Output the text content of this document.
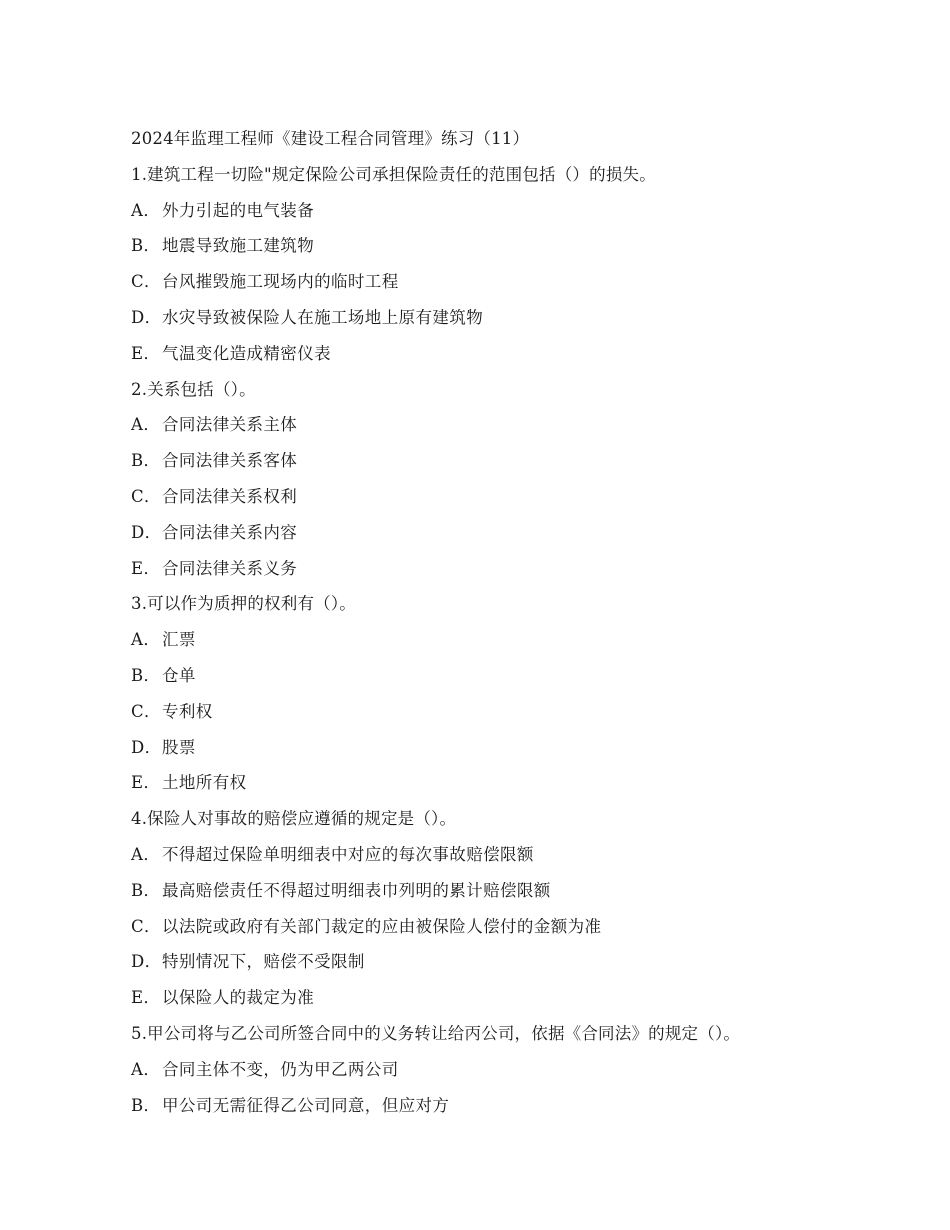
2024年监理工程师《建设工程合同管理》练习（11）
1.建筑工程一切险"规定保险公司承担保险责任的范围包括（）的损失。
A． 外力引起的电气装备
B．地震导致施工建筑物
C．台风摧毁施工现场内的临时工程
D．水灾导致被保险人在施工场地上原有建筑物
E．气温变化造成精密仪表
2.关系包括（）。
A． 合同法律关系主体
B．合同法律关系客体
C．合同法律关系权利
D．合同法律关系内容
E．合同法律关系义务
3.可以作为质押的权利有（）。
A． 汇票
B．仓单
C．专利权
D．股票
E．土地所有权
4.保险人对事故的赔偿应遵循的规定是（）。
A． 不得超过保险单明细表中对应的每次事故赔偿限额
B．最高赔偿责任不得超过明细表巾列明的累计赔偿限额
C．以法院或政府有关部门裁定的应由被保险人偿付的金额为准
D．特别情况下，赔偿不受限制
E．以保险人的裁定为准
5.甲公司将与乙公司所签合同中的义务转让给丙公司，依据《合同法》的规定（）。
A． 合同主体不变，仍为甲乙两公司
B．甲公司无需征得乙公司同意，但应对方
